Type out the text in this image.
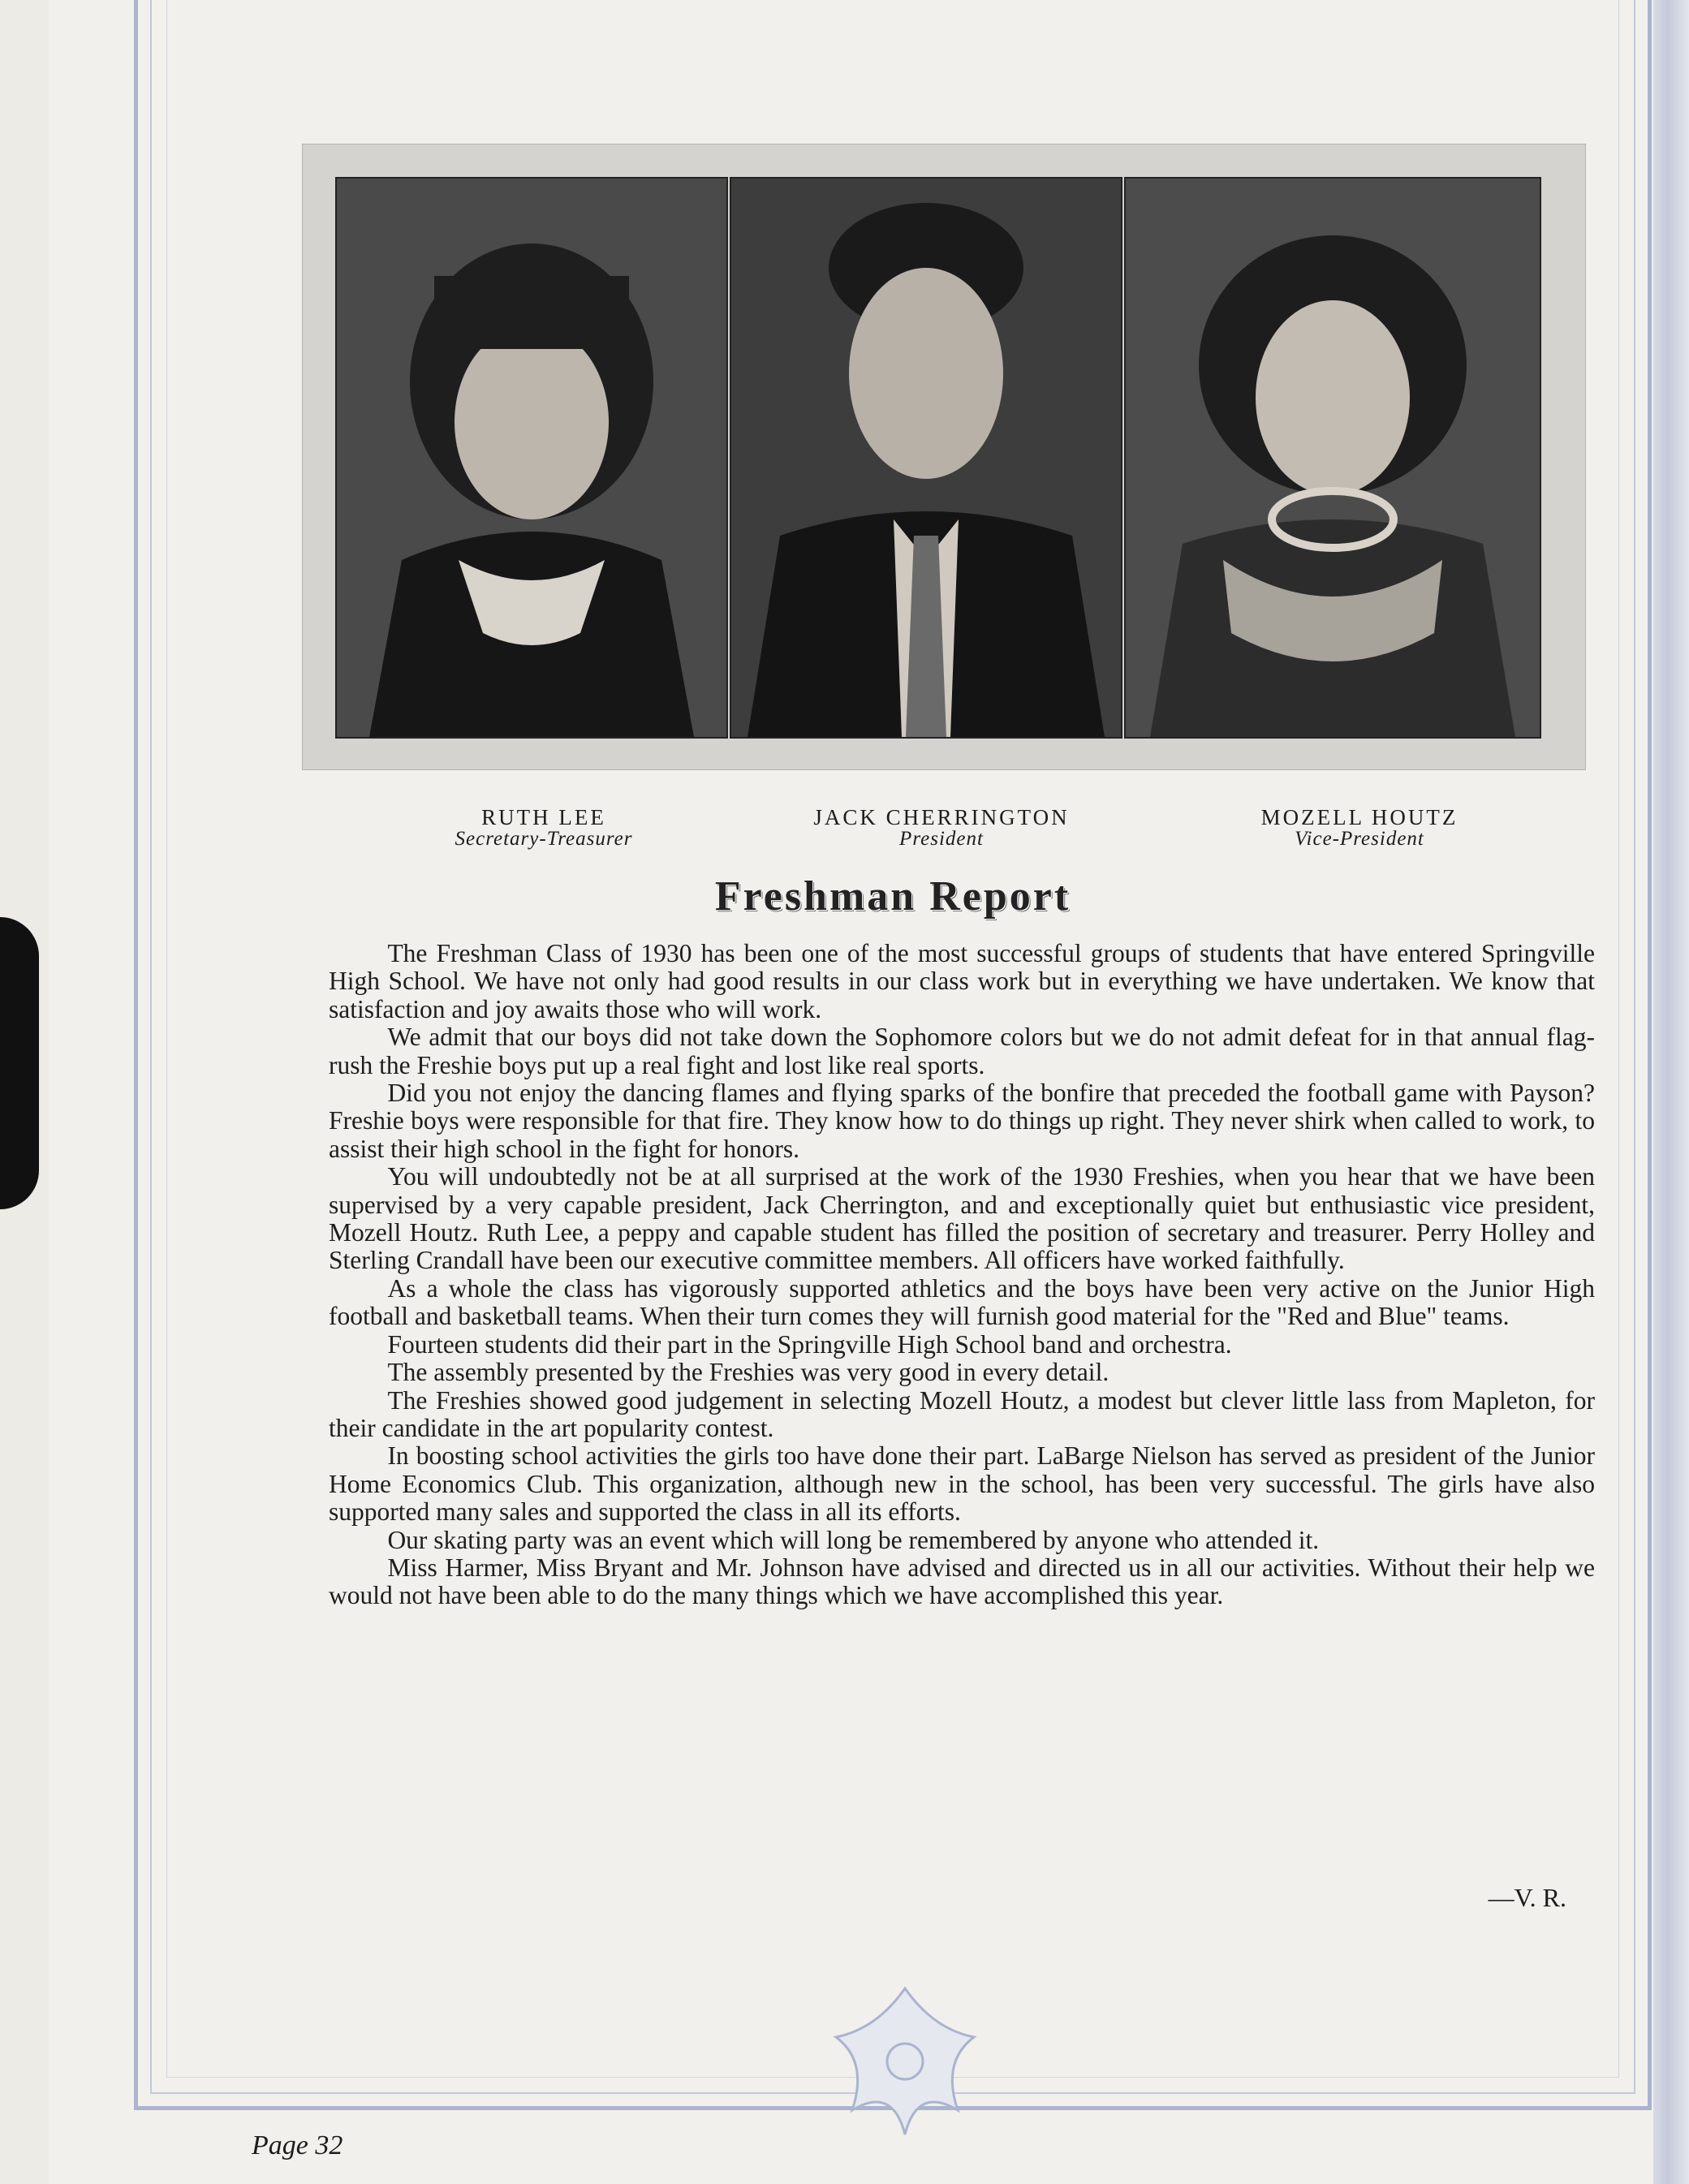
RUTH LEE
Secretary-Treasurer
JACK CHERRINGTON
President
MOZELL HOUTZ
Vice-President
Freshman Report

The Freshman Class of 1930 has been one of the most successful groups of students that have entered Springville High School. We have not only had good results in our class work but in everything we have undertaken. We know that satisfaction and joy awaits those who will work.

We admit that our boys did not take down the Sophomore colors but we do not admit defeat for in that annual flag-rush the Freshie boys put up a real fight and lost like real sports.

Did you not enjoy the dancing flames and flying sparks of the bonfire that preceded the football game with Payson? Freshie boys were responsible for that fire. They know how to do things up right. They never shirk when called to work, to assist their high school in the fight for honors.

You will undoubtedly not be at all surprised at the work of the 1930 Freshies, when you hear that we have been supervised by a very capable president, Jack Cherrington, and and exceptionally quiet but enthusiastic vice president, Mozell Houtz. Ruth Lee, a peppy and capable student has filled the position of secretary and treasurer. Perry Holley and Sterling Crandall have been our executive committee members. All officers have worked faithfully.

As a whole the class has vigorously supported athletics and the boys have been very active on the Junior High football and basketball teams. When their turn comes they will furnish good material for the "Red and Blue" teams.

Fourteen students did their part in the Springville High School band and orchestra.

The assembly presented by the Freshies was very good in every detail.

The Freshies showed good judgement in selecting Mozell Houtz, a modest but clever little lass from Mapleton, for their candidate in the art popularity contest.

In boosting school activities the girls too have done their part. LaBarge Nielson has served as president of the Junior Home Economics Club. This organization, although new in the school, has been very successful. The girls have also supported many sales and supported the class in all its efforts.

Our skating party was an event which will long be remembered by anyone who attended it.

Miss Harmer, Miss Bryant and Mr. Johnson have advised and directed us in all our activities. Without their help we would not have been able to do the many things which we have accomplished this year.

—V. R.
Page 32
